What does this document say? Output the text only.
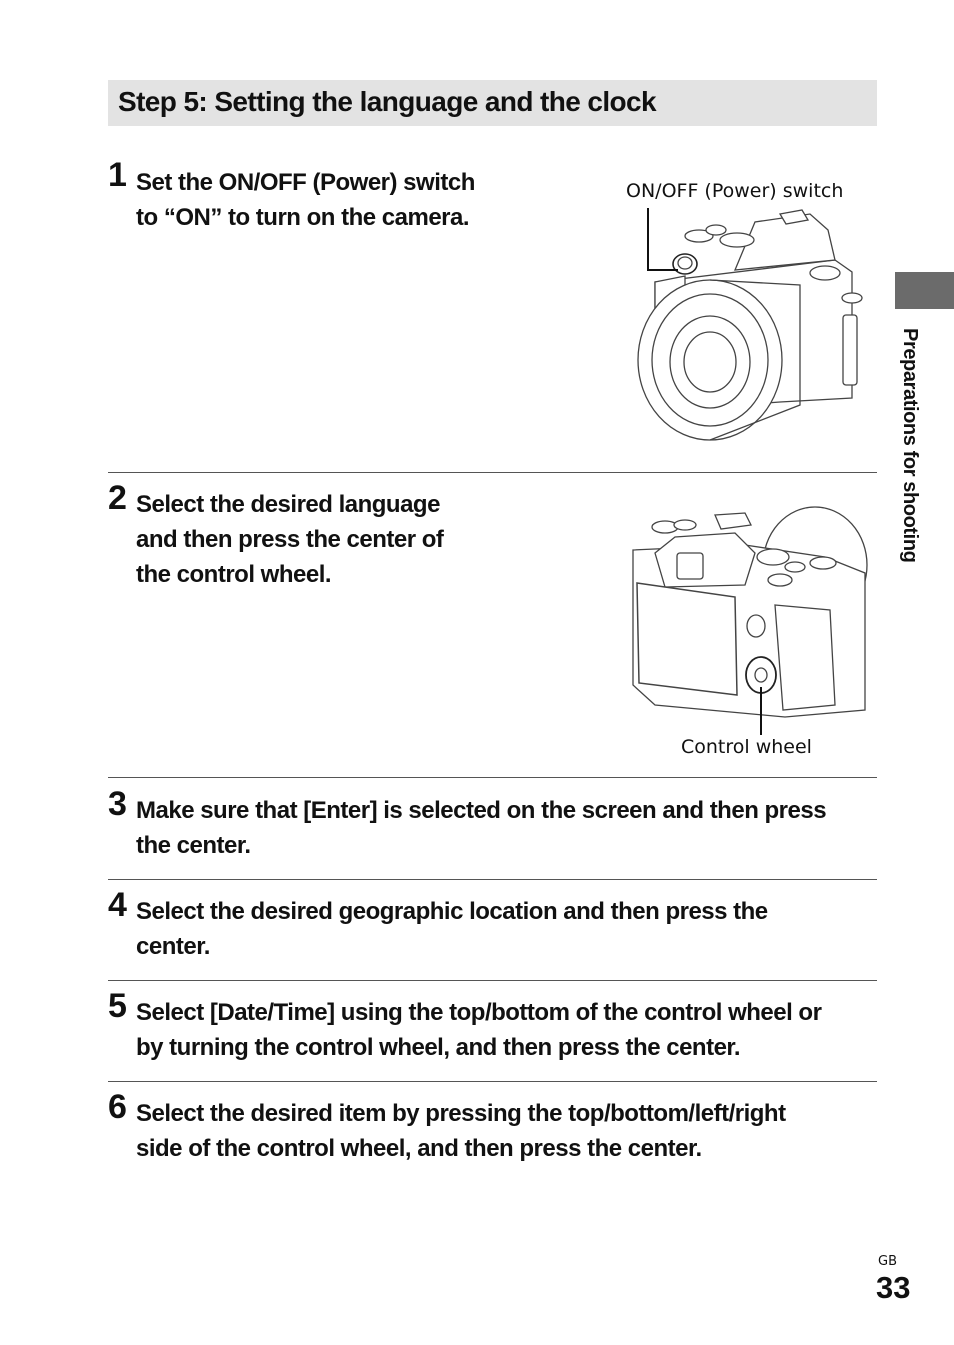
Step 5: Setting the language and the clock
Preparations for shooting
1 Set the ON/OFF (Power) switch
to “ON” to turn on the camera.
ON/OFF (Power) switch
2 Select the desired language
and then press the center of
the control wheel.
Control wheel
3 Make sure that [Enter] is selected on the screen and then press
the center.
4 Select the desired geographic location and then press the
center.
5 Select [Date/Time] using the top/bottom of the control wheel or
by turning the control wheel, and then press the center.
6 Select the desired item by pressing the top/bottom/left/right
side of the control wheel, and then press the center.
GB
33
